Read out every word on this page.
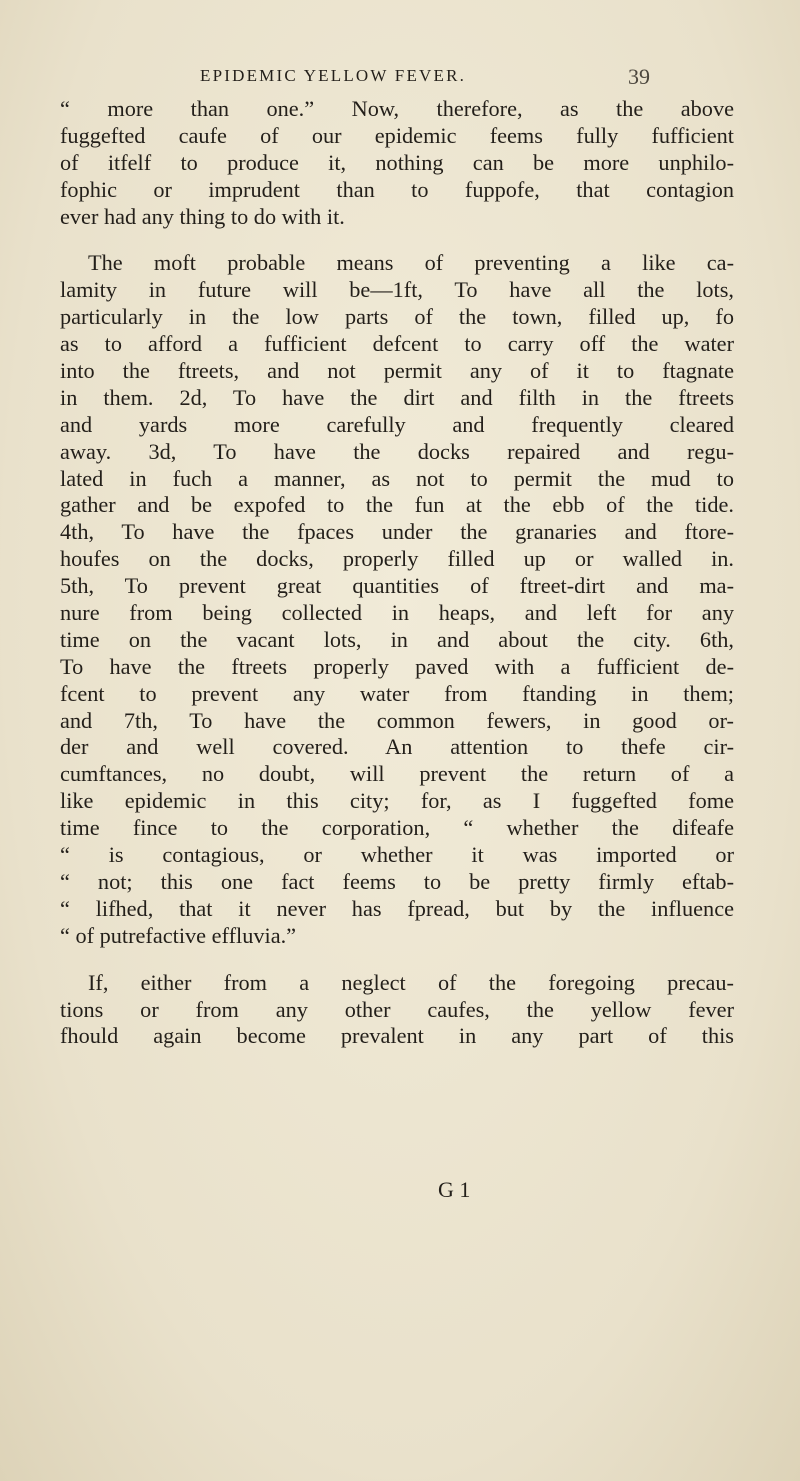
EPIDEMIC YELLOW FEVER.	39
“ more than one.” Now, therefore, as the above
fuggefted caufe of our epidemic feems fully fufficient
of itfelf to produce it, nothing can be more unphilo-
fophic or imprudent than to fuppofe, that contagion
ever had any thing to do with it.
The moft probable means of preventing a like ca-
lamity in future will be—1ft, To have all the lots,
particularly in the low parts of the town, filled up, fo
as to afford a fufficient defcent to carry off the water
into the ftreets, and not permit any of it to ftagnate
in them. 2d, To have the dirt and filth in the ftreets
and yards more carefully and frequently cleared
away. 3d, To have the docks repaired and regu-
lated in fuch a manner, as not to permit the mud to
gather and be expofed to the fun at the ebb of the tide.
4th, To have the fpaces under the granaries and ftore-
houfes on the docks, properly filled up or walled in.
5th, To prevent great quantities of ftreet-dirt and ma-
nure from being collected in heaps, and left for any
time on the vacant lots, in and about the city. 6th,
To have the ftreets properly paved with a fufficient de-
fcent to prevent any water from ftanding in them;
and 7th, To have the common fewers, in good or-
der and well covered. An attention to thefe cir-
cumftances, no doubt, will prevent the return of a
like epidemic in this city; for, as I fuggefted fome
time fince to the corporation, “ whether the difeafe
“ is contagious, or whether it was imported or
“ not; this one fact feems to be pretty firmly eftab-
“ lifhed, that it never has fpread, but by the influence
“ of putrefactive effluvia.”
If, either from a neglect of the foregoing precau-
tions or from any other caufes, the yellow fever
fhould again become prevalent in any part of this
G 1
